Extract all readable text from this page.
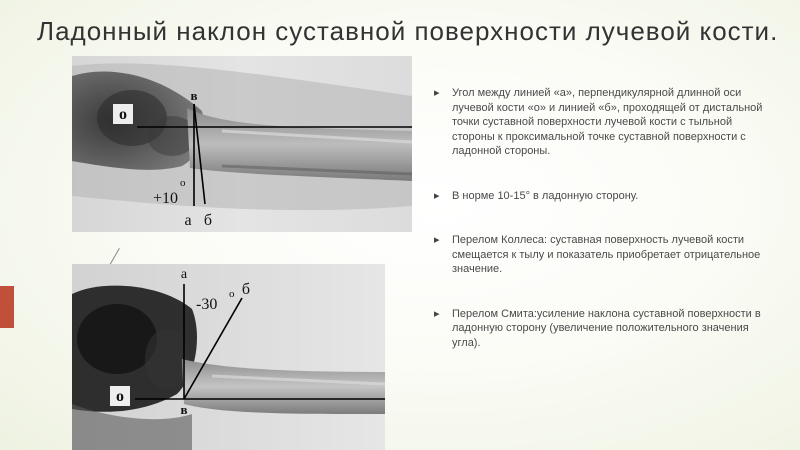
Ладонный наклон суставной поверхности лучевой кости.
о
в
+10
о
а б
а
б
-30
о
о
в
▸ Угол между линией «а», перпендикулярной длинной оси лучевой кости «о» и линией «б», проходящей от дистальной точки суставной поверхности лучевой кости с тыльной стороны к проксимальной точке суставной поверхности с ладонной стороны.
▸ В норме 10-15° в ладонную сторону.
▸ Перелом Коллеса: суставная поверхность лучевой кости смещается к тылу и показатель приобретает отрицательное значение.
▸ Перелом Смита:усиление наклона суставной поверхности в ладонную сторону (увеличение положительного значения угла).
